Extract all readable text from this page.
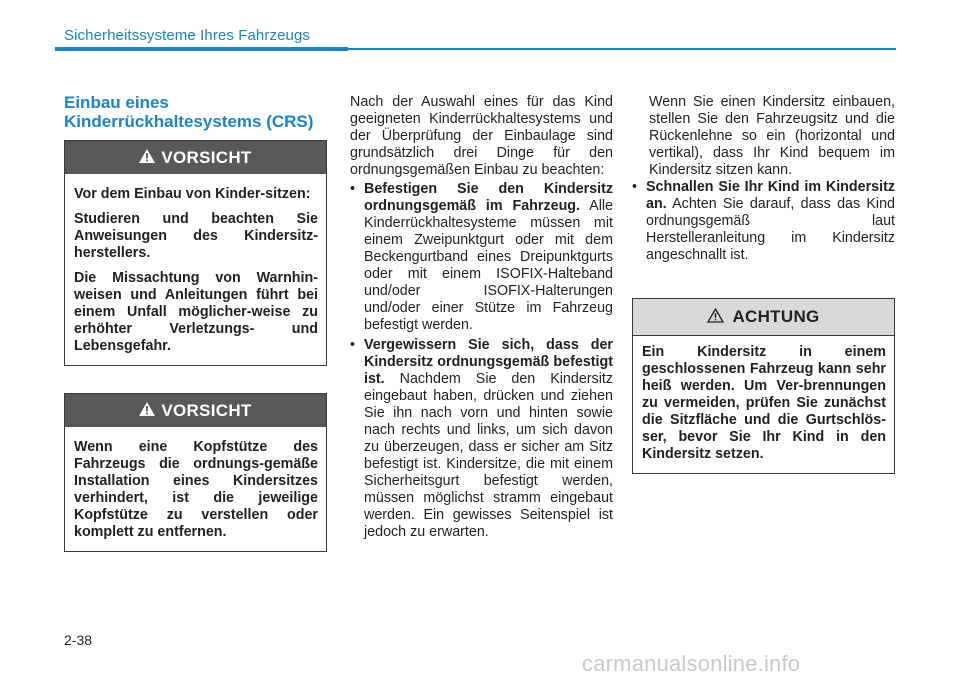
Sicherheitssysteme Ihres Fahrzeugs
Einbau eines
Kinderrückhaltesystems (CRS)
VORSICHT

Vor dem Einbau von Kinder-sitzen:

Studieren und beachten Sie Anweisungen des Kindersitz-herstellers.

Die Missachtung von Warnhin-weisen und Anleitungen führt bei einem Unfall möglicher-weise zu erhöhter Verletzungs- und Lebensgefahr.

VORSICHT

Wenn eine Kopfstütze des Fahrzeugs die ordnungs-gemäße Installation eines Kindersitzes verhindert, ist die jeweilige Kopfstütze zu verstellen oder komplett zu entfernen.

Nach der Auswahl eines für das Kind geeigneten Kinderrückhaltesystems und der Überprüfung der Einbaulage sind grundsätzlich drei Dinge für den ordnungsgemäßen Einbau zu beachten:

• Befestigen Sie den Kindersitz ordnungsgemäß im Fahrzeug. Alle Kinderrückhaltesysteme müssen mit einem Zweipunktgurt oder mit dem Beckengurtband eines Dreipunktgurts oder mit einem ISOFIX-Halteband und/oder ISOFIX-Halterungen und/oder einer Stütze im Fahrzeug befestigt werden.

• Vergewissern Sie sich, dass der Kindersitz ordnungsgemäß befestigt ist. Nachdem Sie den Kindersitz eingebaut haben, drücken und ziehen Sie ihn nach vorn und hinten sowie nach rechts und links, um sich davon zu überzeugen, dass er sicher am Sitz befestigt ist. Kindersitze, die mit einem Sicherheitsgurt befestigt werden, müssen möglichst stramm eingebaut werden. Ein gewisses Seitenspiel ist jedoch zu erwarten.

Wenn Sie einen Kindersitz einbauen, stellen Sie den Fahrzeugsitz und die Rückenlehne so ein (horizontal und vertikal), dass Ihr Kind bequem im Kindersitz sitzen kann.

• Schnallen Sie Ihr Kind im Kindersitz an. Achten Sie darauf, dass das Kind ordnungsgemäß laut Herstelleranleitung im Kindersitz angeschnallt ist.

ACHTUNG

Ein Kindersitz in einem geschlossenen Fahrzeug kann sehr heiß werden. Um Ver-brennungen zu vermeiden, prüfen Sie zunächst die Sitzfläche und die Gurtschlös-ser, bevor Sie Ihr Kind in den Kindersitz setzen.

2-38
carmanualsonline.info
